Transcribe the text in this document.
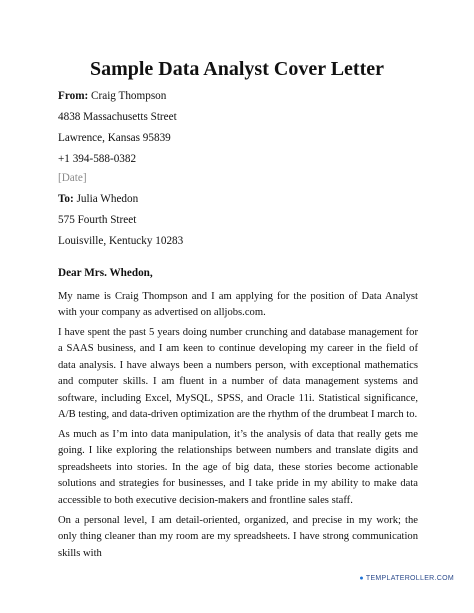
Sample Data Analyst Cover Letter
From: Craig Thompson
4838 Massachusetts Street
Lawrence, Kansas 95839
+1 394-588-0382
[Date]
To: Julia Whedon
575 Fourth Street
Louisville, Kentucky 10283
Dear Mrs. Whedon,
My name is Craig Thompson and I am applying for the position of Data Analyst with your company as advertised on alljobs.com.
I have spent the past 5 years doing number crunching and database management for a SAAS business, and I am keen to continue developing my career in the field of data analysis. I have always been a numbers person, with exceptional mathematics and computer skills. I am fluent in a number of data management systems and software, including Excel, MySQL, SPSS, and Oracle 11i. Statistical significance, A/B testing, and data-driven optimization are the rhythm of the drumbeat I march to.
As much as I’m into data manipulation, it’s the analysis of data that really gets me going. I like exploring the relationships between numbers and translate digits and spreadsheets into stories. In the age of big data, these stories become actionable solutions and strategies for businesses, and I take pride in my ability to make data accessible to both executive decision-makers and frontline sales staff.
On a personal level, I am detail-oriented, organized, and precise in my work; the only thing cleaner than my room are my spreadsheets. I have strong communication skills with
● TEMPLATEROLLER.COM
